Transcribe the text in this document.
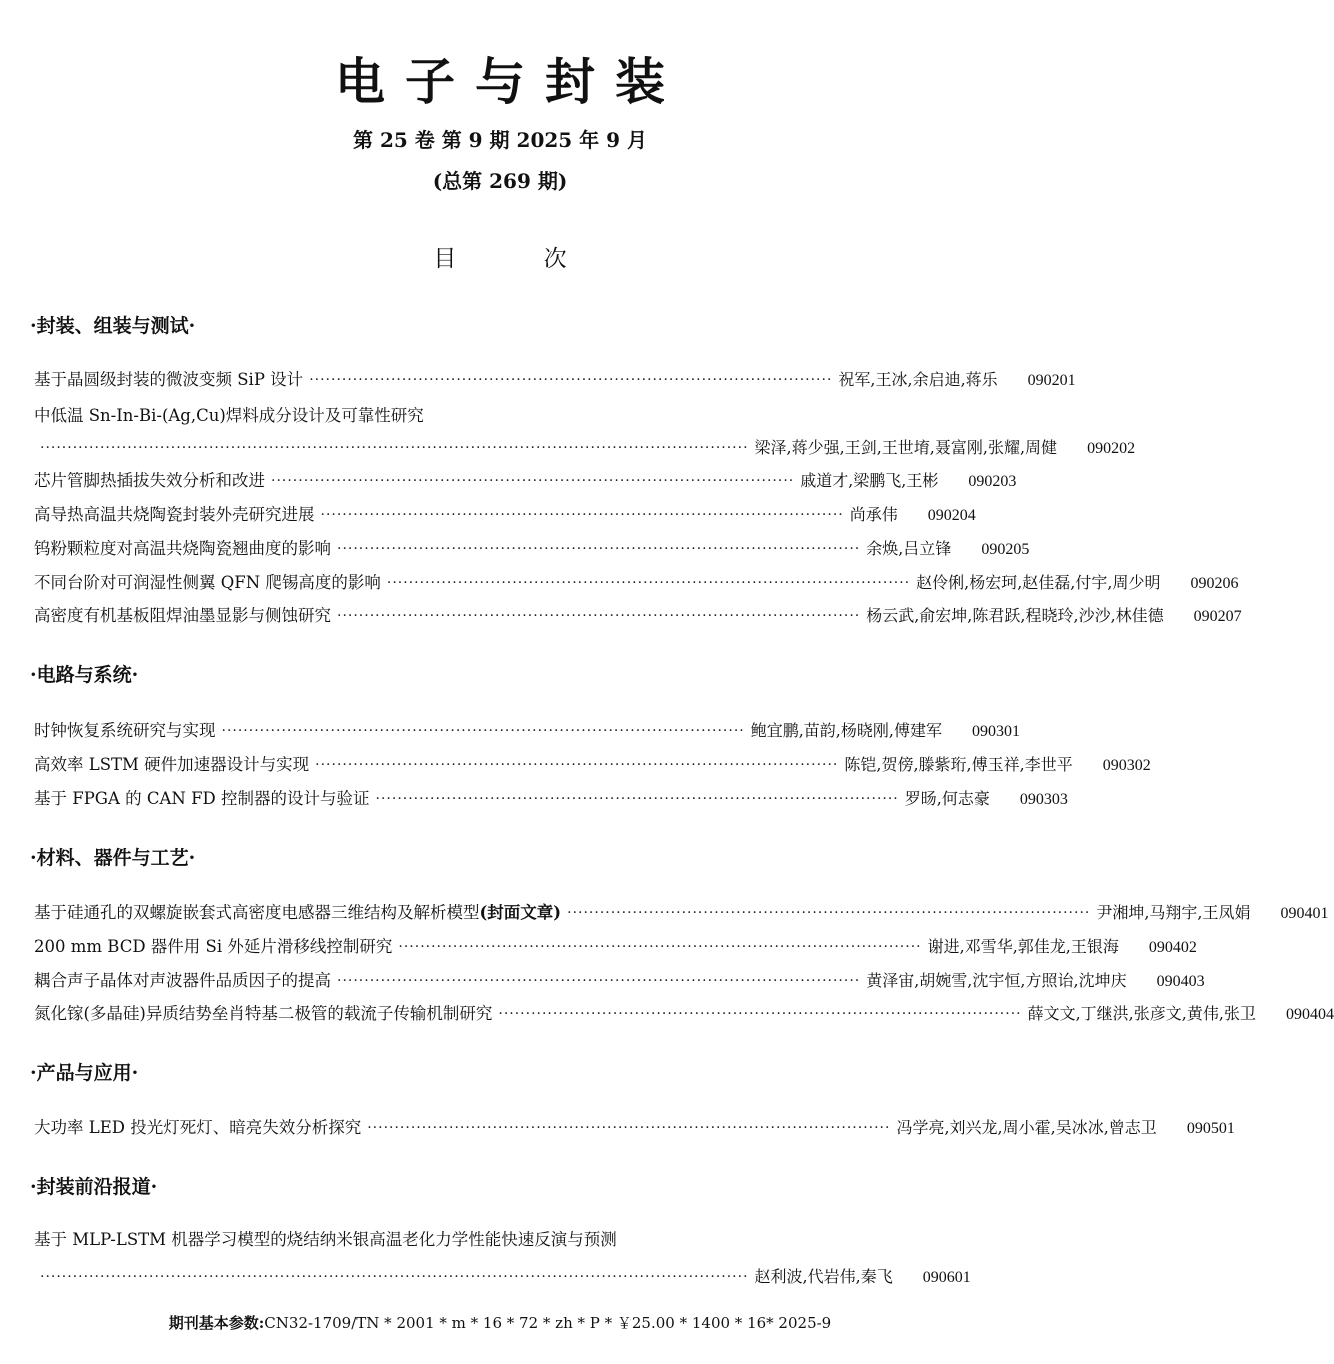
电子与封装
第 25 卷 第 9 期 2025 年 9 月
(总第 269 期)
目 次
·封装、组装与测试·
基于晶圆级封装的微波变频 SiP 设计 ································································································ 祝军,王冰,余启迪,蒋乐	090201
中低温 Sn-In-Bi-(Ag,Cu)焊料成分设计及可靠性研究
·································································································································· 梁泽,蒋少强,王剑,王世堉,聂富刚,张耀,周健	090202
芯片管脚热插拔失效分析和改进 ································································································ 戚道才,梁鹏飞,王彬	090203
高导热高温共烧陶瓷封装外壳研究进展 ································································································ 尚承伟	090204
钨粉颗粒度对高温共烧陶瓷翘曲度的影响 ································································································ 余焕,吕立锋	090205
不同台阶对可润湿性侧翼 QFN 爬锡高度的影响 ································································································ 赵伶俐,杨宏珂,赵佳磊,付宇,周少明	090206
高密度有机基板阻焊油墨显影与侧蚀研究 ································································································ 杨云武,俞宏坤,陈君跃,程晓玲,沙沙,林佳德	090207
·电路与系统·
时钟恢复系统研究与实现 ································································································ 鲍宜鹏,苗韵,杨晓刚,傅建军	090301
高效率 LSTM 硬件加速器设计与实现 ································································································ 陈铠,贺傍,滕紫珩,傅玉祥,李世平	090302
基于 FPGA 的 CAN FD 控制器的设计与验证 ································································································ 罗旸,何志豪	090303
·材料、器件与工艺·
基于硅通孔的双螺旋嵌套式高密度电感器三维结构及解析模型(封面文章) ································································································ 尹湘坤,马翔宇,王凤娟	090401
200 mm BCD 器件用 Si 外延片滑移线控制研究 ································································································ 谢进,邓雪华,郭佳龙,王银海	090402
耦合声子晶体对声波器件品质因子的提高 ································································································ 黄泽宙,胡婉雪,沈宇恒,方照诒,沈坤庆	090403
氮化镓(多晶硅)异质结势垒肖特基二极管的载流子传输机制研究 ································································································ 薛文文,丁继洪,张彦文,黄伟,张卫	090404
·产品与应用·
大功率 LED 投光灯死灯、暗亮失效分析探究 ································································································ 冯学亮,刘兴龙,周小霍,吴冰冰,曾志卫	090501
·封装前沿报道·
基于 MLP-LSTM 机器学习模型的烧结纳米银高温老化力学性能快速反演与预测
·································································································································· 赵利波,代岩伟,秦飞	090601
期刊基本参数:CN32-1709/TN * 2001 * m * 16 * 72 * zh * P * ￥25.00 * 1400 * 16* 2025-9
